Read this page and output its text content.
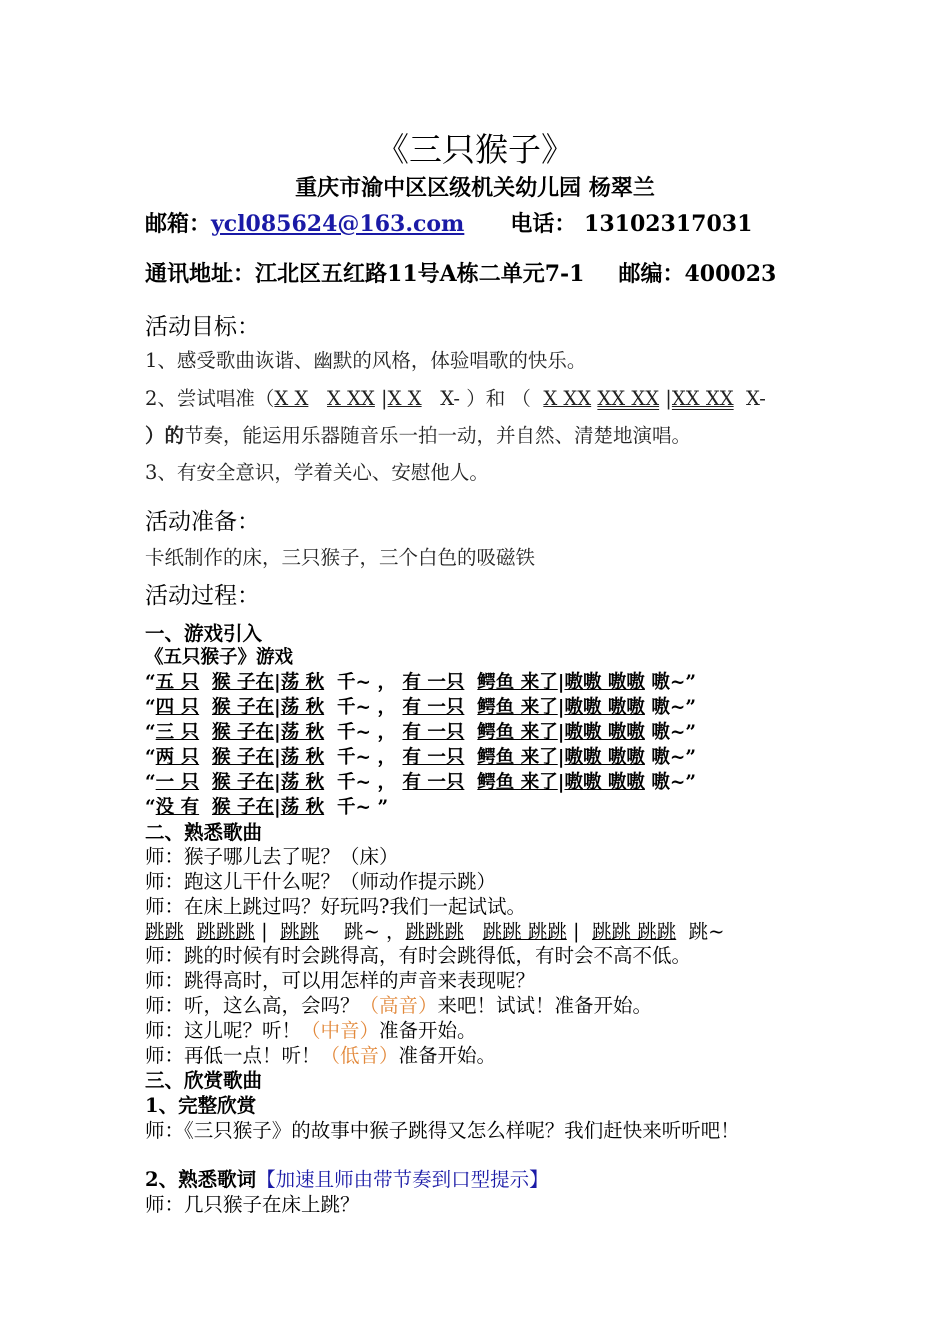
《三只猴子》
重庆市渝中区区级机关幼儿园 杨翠兰
邮箱：ycl085624@163.com 电话： 13102317031
通讯地址：江北区五红路11号A栋二单元7-1 邮编：400023
活动目标：
1、感受歌曲诙谐、幽默的风格，体验唱歌的快乐。
2、尝试唱准（X X X XX |X X X- ）和 （ X XX XX XX |XX XX X-
）的节奏，能运用乐器随音乐一拍一动，并自然、清楚地演唱。
3、有安全意识，学着关心、安慰他人。
活动准备：
卡纸制作的床，三只猴子，三个白色的吸磁铁
活动过程：
一、游戏引入
《五只猴子》游戏
“五 只 猴 子在|荡 秋 千~ ， 有 一只 鳄鱼 来了|嗷嗷 嗷嗷 嗷~”
“四 只 猴 子在|荡 秋 千~ ， 有 一只 鳄鱼 来了|嗷嗷 嗷嗷 嗷~”
“三 只 猴 子在|荡 秋 千~ ， 有 一只 鳄鱼 来了|嗷嗷 嗷嗷 嗷~”
“两 只 猴 子在|荡 秋 千~ ， 有 一只 鳄鱼 来了|嗷嗷 嗷嗷 嗷~”
“一 只 猴 子在|荡 秋 千~ ， 有 一只 鳄鱼 来了|嗷嗷 嗷嗷 嗷~”
“没 有 猴 子在|荡 秋 千~ ”
二、熟悉歌曲
师：猴子哪儿去了呢？（床）
师：跑这儿干什么呢？（师动作提示跳）
师：在床上跳过吗？好玩吗?我们一起试试。
跳跳 跳跳跳 |  跳跳 跳~ ，跳跳跳 跳跳 跳跳 |  跳跳 跳跳 跳~
师：跳的时候有时会跳得高，有时会跳得低，有时会不高不低。
师：跳得高时，可以用怎样的声音来表现呢？
师：听，这么高，会吗？（高音）来吧！试试！准备开始。
师：这儿呢？听！（中音）准备开始。
师：再低一点！听！（低音）准备开始。
三、欣赏歌曲
1、完整欣赏
师：《三只猴子》的故事中猴子跳得又怎么样呢？我们赶快来听听吧！
2、熟悉歌词【加速且师由带节奏到口型提示】
师：几只猴子在床上跳？
